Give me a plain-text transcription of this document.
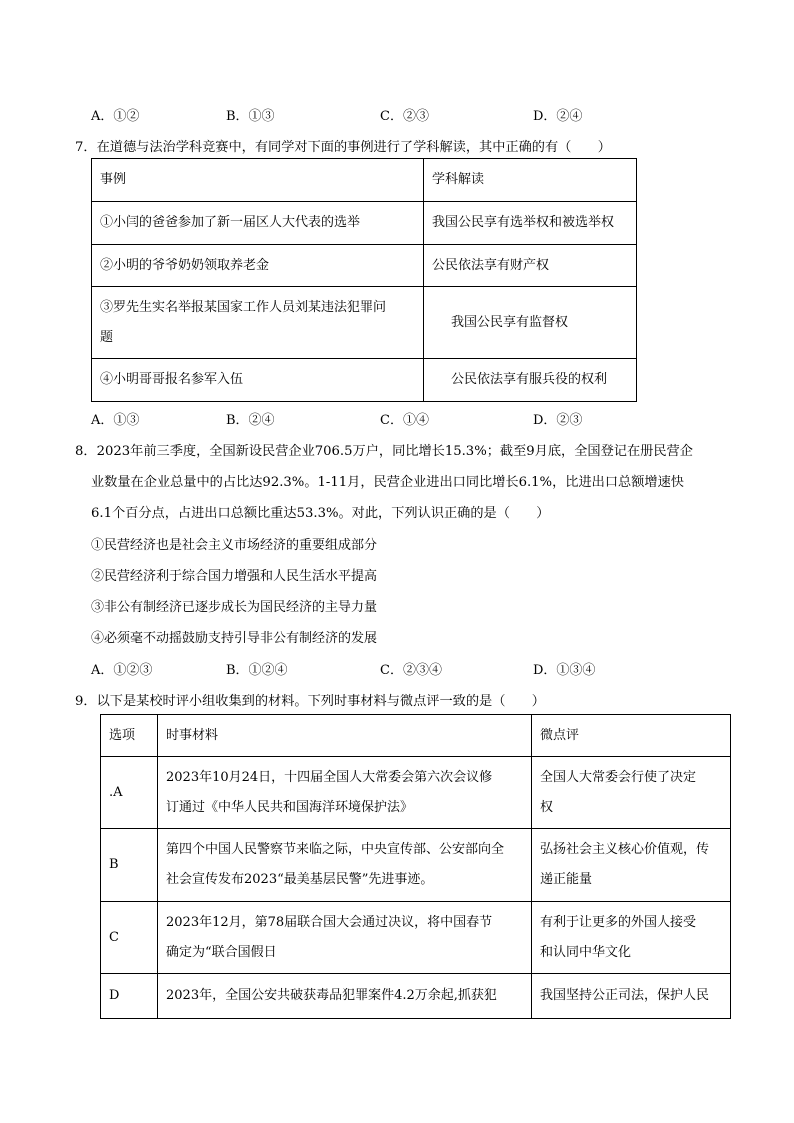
A．①②	B．①③	C．②③	D．②④
7．在道德与法治学科竞赛中，有同学对下面的事例进行了学科解读，其中正确的有（　　）
事例	学科解读
①小闫的爸爸参加了新一届区人大代表的选举	我国公民享有选举权和被选举权
②小明的爷爷奶奶领取养老金	公民依法享有财产权
③罗先生实名举报某国家工作人员刘某违法犯罪问
题	我国公民享有监督权
④小明哥哥报名参军入伍	公民依法享有服兵役的权利
A．①③	B．②④	C．①④	D．②③
8．2023年前三季度，全国新设民营企业706.5万户，同比增长15.3%；截至9月底，全国登记在册民营企
业数量在企业总量中的占比达92.3%。1-11月，民营企业进出口同比增长6.1%，比进出口总额增速快
6.1个百分点，占进出口总额比重达53.3%。对此，下列认识正确的是（　　）
①民营经济也是社会主义市场经济的重要组成部分
②民营经济利于综合国力增强和人民生活水平提高
③非公有制经济已逐步成长为国民经济的主导力量
④必须毫不动摇鼓励支持引导非公有制经济的发展
A．①②③	B．①②④	C．②③④	D．①③④
9．以下是某校时评小组收集到的材料。下列时事材料与微点评一致的是（　　）
选项	时事材料	微点评
.A	2023年10月24日，十四届全国人大常委会第六次会议修
订通过《中华人民共和国海洋环境保护法》	全国人大常委会行使了决定
权
B	第四个中国人民警察节来临之际，中央宣传部、公安部向全
社会宣传发布2023“最美基层民警”先进事迹。	弘扬社会主义核心价值观，传
递正能量
C	2023年12月，第78届联合国大会通过决议，将中国春节
确定为“联合国假日	有利于让更多的外国人接受
和认同中华文化
D	2023年，全国公安共破获毒品犯罪案件4.2万余起,抓获犯	我国坚持公正司法，保护人民
